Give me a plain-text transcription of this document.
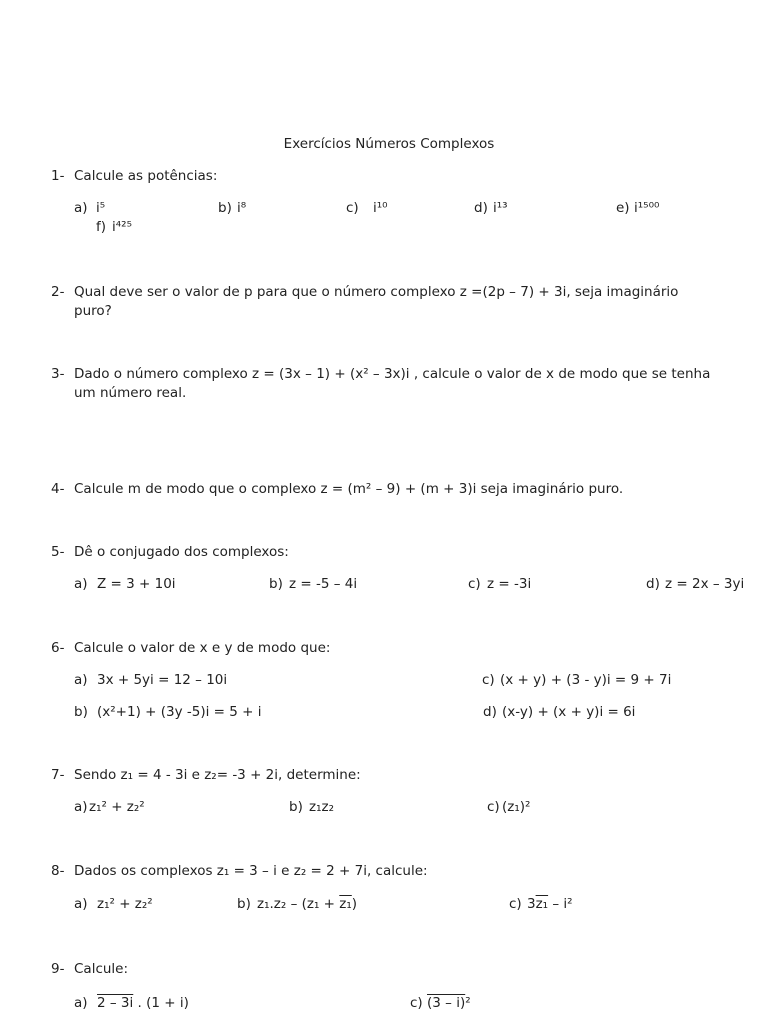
Exercícios Números Complexos
1- Calcule as potências:
a) i⁵	b) i⁸	c) i¹⁰	d) i¹³	e) i¹⁵⁰⁰
f) i⁴²⁵
2- Qual deve ser o valor de p para que o número complexo z =(2p – 7) + 3i, seja imaginário
puro?
3- Dado o número complexo z = (3x – 1) + (x² – 3x)i , calcule o valor de x de modo que se tenha
um número real.
4- Calcule m de modo que o complexo z = (m² – 9) + (m + 3)i seja imaginário puro.
5- Dê o conjugado dos complexos:
a) Z = 3 + 10i	b) z = -5 – 4i	c) z = -3i	d) z = 2x – 3yi
6- Calcule o valor de x e y de modo que:
a) 3x + 5yi = 12 – 10i	c) (x + y) + (3 - y)i = 9 + 7i
b) (x²+1) + (3y -5)i = 5 + i	d) (x-y) + (x + y)i = 6i
7- Sendo z₁ = 4 - 3i e z₂= -3 + 2i, determine:
a) z₁² + z₂²	b) z₁z₂	c) (z₁)²
8- Dados os complexos z₁ = 3 – i e z₂ = 2 + 7i, calcule:
a) z₁² + z₂²	b) z₁.z₂ – (z₁ + z₁)	c) 3z₁ – i²
9- Calcule:
a) 2 – 3i . (1 + i)	c) (3 – i)²
